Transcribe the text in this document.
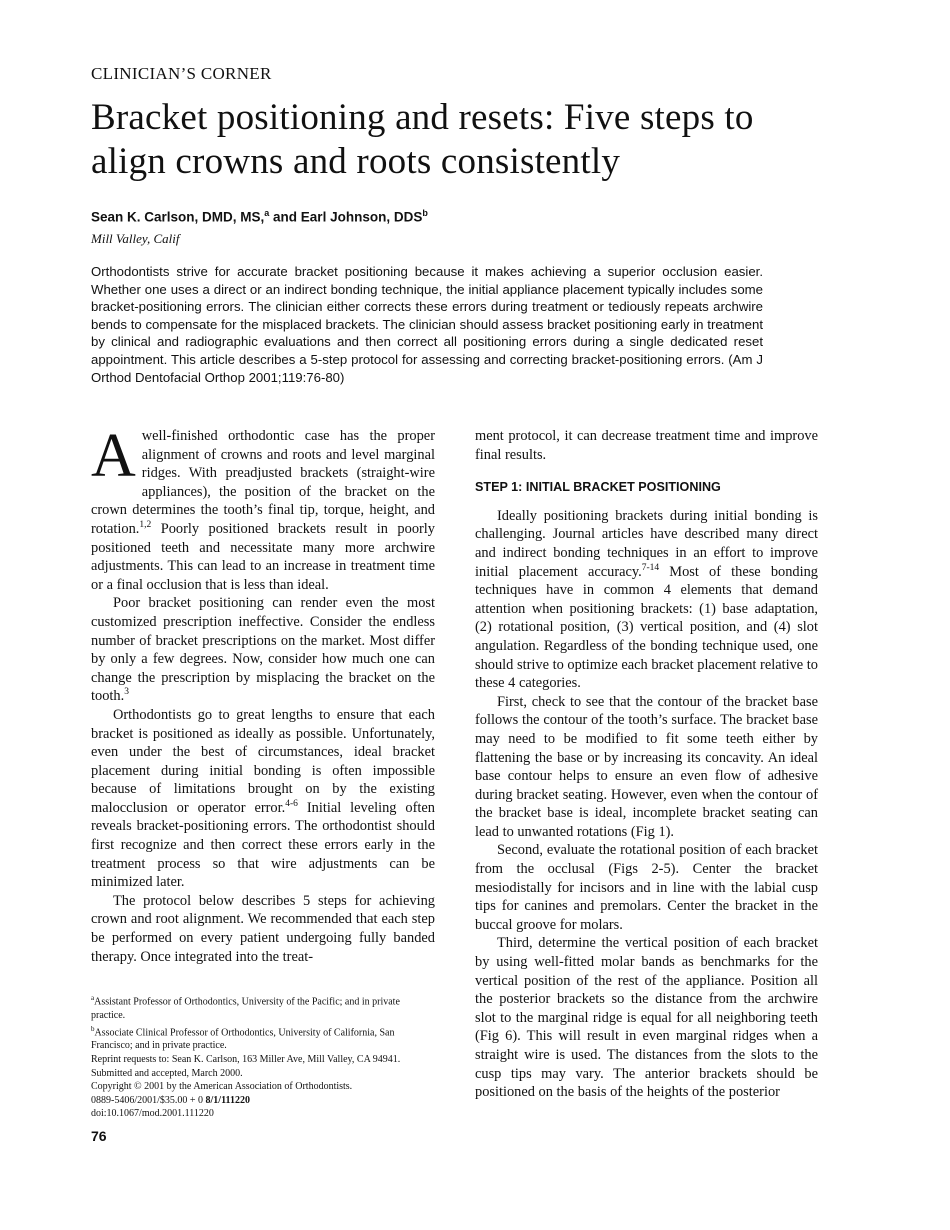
CLINICIAN’S CORNER
Bracket positioning and resets: Five steps to align crowns and roots consistently
Sean K. Carlson, DMD, MS,$^a$ and Earl Johnson, DDS$^b$
Mill Valley, Calif
Orthodontists strive for accurate bracket positioning because it makes achieving a superior occlusion easier. Whether one uses a direct or an indirect bonding technique, the initial appliance placement typically includes some bracket-positioning errors. The clinician either corrects these errors during treatment or tediously repeats archwire bends to compensate for the misplaced brackets. The clinician should assess bracket positioning early in treatment by clinical and radiographic evaluations and then correct all positioning errors during a single dedicated reset appointment. This article describes a 5-step protocol for assessing and correcting bracket-positioning errors. (Am J Orthod Dentofacial Orthop 2001;119:76-80)

Awell-finished orthodontic case has the proper alignment of crowns and roots and level marginal ridges. With preadjusted brackets (straight-wire appliances), the position of the bracket on the crown determines the tooth’s final tip, torque, height, and rotation.$^{1,2}$ Poorly positioned brackets result in poorly positioned teeth and necessitate many more archwire adjustments. This can lead to an increase in treatment time or a final occlusion that is less than ideal.

Poor bracket positioning can render even the most customized prescription ineffective. Consider the endless number of bracket prescriptions on the market. Most differ by only a few degrees. Now, consider how much one can change the prescription by misplacing the bracket on the tooth.$^3$

Orthodontists go to great lengths to ensure that each bracket is positioned as ideally as possible. Unfortunately, even under the best of circumstances, ideal bracket placement during initial bonding is often impossible because of limitations brought on by the existing malocclusion or operator error.$^{4-6}$ Initial leveling often reveals bracket-positioning errors. The orthodontist should first recognize and then correct these errors early in the treatment process so that wire adjustments can be minimized later.

The protocol below describes 5 steps for achieving crown and root alignment. We recommended that each step be performed on every patient undergoing fully banded therapy. Once integrated into the treat-

ment protocol, it can decrease treatment time and improve final results.

STEP 1: INITIAL BRACKET POSITIONING

Ideally positioning brackets during initial bonding is challenging. Journal articles have described many direct and indirect bonding techniques in an effort to improve initial placement accuracy.$^{7-14}$ Most of these bonding techniques have in common 4 elements that demand attention when positioning brackets: (1) base adaptation, (2) rotational position, (3) vertical position, and (4) slot angulation. Regardless of the bonding technique used, one should strive to optimize each bracket placement relative to these 4 categories.

First, check to see that the contour of the bracket base follows the contour of the tooth’s surface. The bracket base may need to be modified to fit some teeth either by flattening the base or by increasing its concavity. An ideal base contour helps to ensure an even flow of adhesive during bracket seating. However, even when the contour of the bracket base is ideal, incomplete bracket seating can lead to unwanted rotations (Fig 1).

Second, evaluate the rotational position of each bracket from the occlusal (Figs 2-5). Center the bracket mesiodistally for incisors and in line with the labial cusp tips for canines and premolars. Center the bracket in the buccal groove for molars.

Third, determine the vertical position of each bracket by using well-fitted molar bands as benchmarks for the vertical position of the rest of the appliance. Position all the posterior brackets so the distance from the archwire slot to the marginal ridge is equal for all neighboring teeth (Fig 6). This will result in even marginal ridges when a straight wire is used. The distances from the slots to the cusp tips may vary. The anterior brackets should be positioned on the basis of the heights of the posterior

$^a$Assistant Professor of Orthodontics, University of the Pacific; and in private practice.
$^b$Associate Clinical Professor of Orthodontics, University of California, San Francisco; and in private practice.
Reprint requests to: Sean K. Carlson, 163 Miller Ave, Mill Valley, CA 94941.
Submitted and accepted, March 2000.
Copyright © 2001 by the American Association of Orthodontists.
0889-5406/2001/$35.00 + 0 8/1/111220
doi:10.1067/mod.2001.111220
76
